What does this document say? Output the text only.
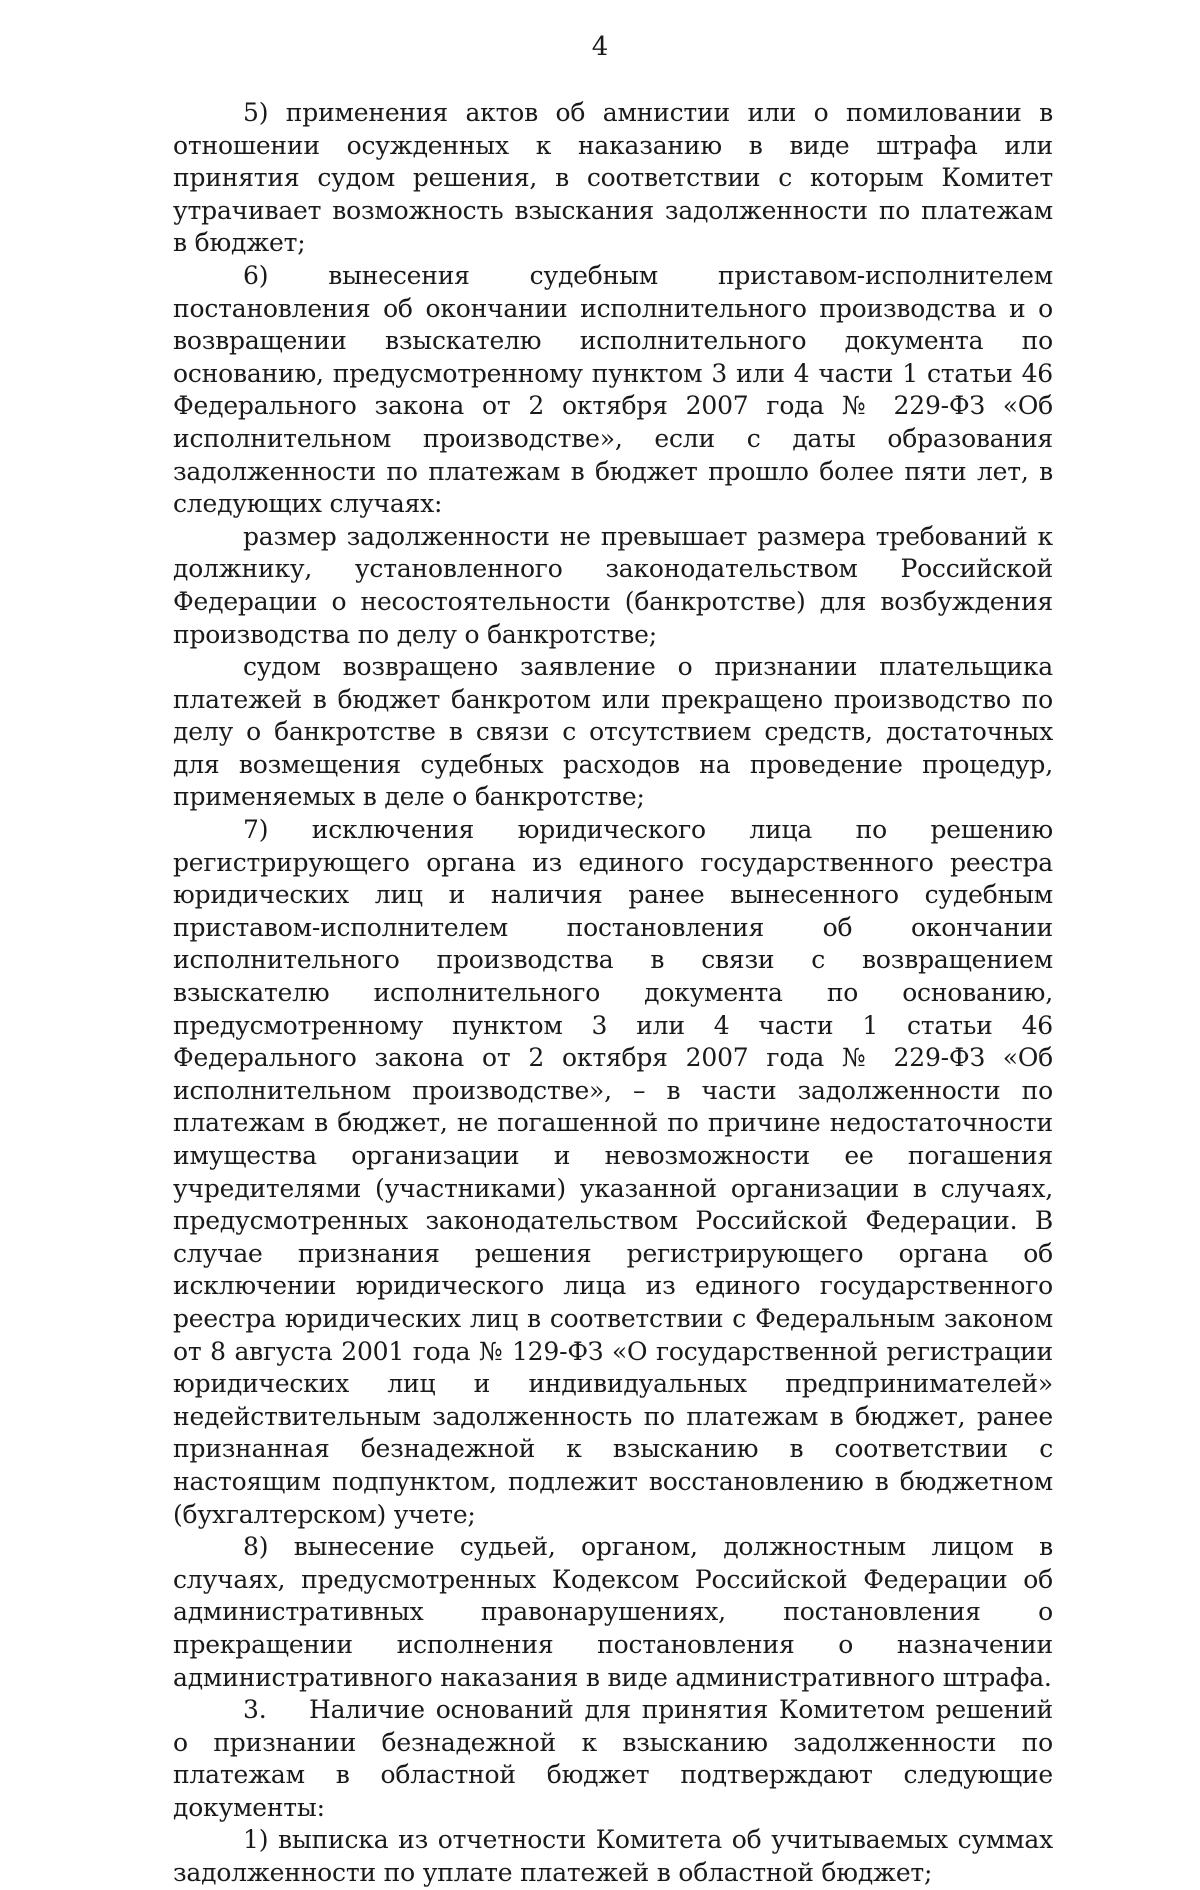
4

5) применения актов об амнистии или о помиловании в отношении осужденных к наказанию в виде штрафа или принятия судом решения, в соответствии с которым Комитет утрачивает возможность взыскания задолженности по платежам в бюджет;

6) вынесения судебным приставом-исполнителем постановления об окончании исполнительного производства и о возвращении взыскателю исполнительного документа по основанию, предусмотренному пунктом 3 или 4 части 1 статьи 46 Федерального закона от 2 октября 2007 года № 229-ФЗ «Об исполнительном производстве», если с даты образования задолженности по платежам в бюджет прошло более пяти лет, в следующих случаях:

размер задолженности не превышает размера требований к должнику, установленного законодательством Российской Федерации о несостоятельности (банкротстве) для возбуждения производства по делу о банкротстве;

судом возвращено заявление о признании плательщика платежей в бюджет банкротом или прекращено производство по делу о банкротстве в связи с отсутствием средств, достаточных для возмещения судебных расходов на проведение процедур, применяемых в деле о банкротстве;

7) исключения юридического лица по решению регистрирующего органа из единого государственного реестра юридических лиц и наличия ранее вынесенного судебным приставом-исполнителем постановления об окончании исполнительного производства в связи с возвращением взыскателю исполнительного документа по основанию, предусмотренному пунктом 3 или 4 части 1 статьи 46 Федерального закона от 2 октября 2007 года № 229-ФЗ «Об исполнительном производстве», – в части задолженности по платежам в бюджет, не погашенной по причине недостаточности имущества организации и невозможности ее погашения учредителями (участниками) указанной организации в случаях, предусмотренных законодательством Российской Федерации. В случае признания решения регистрирующего органа об исключении юридического лица из единого государственного реестра юридических лиц в соответствии с Федеральным законом от 8 августа 2001 года № 129-ФЗ «О государственной регистрации юридических лиц и индивидуальных предпринимателей» недействительным задолженность по платежам в бюджет, ранее признанная безнадежной к взысканию в соответствии с настоящим подпунктом, подлежит восстановлению в бюджетном (бухгалтерском) учете;

8) вынесение судьей, органом, должностным лицом в случаях, предусмотренных Кодексом Российской Федерации об административных правонарушениях, постановления о прекращении исполнения постановления о назначении административного наказания в виде административного штрафа.

3. Наличие оснований для принятия Комитетом решений о признании безнадежной к взысканию задолженности по платежам в областной бюджет подтверждают следующие документы:

1) выписка из отчетности Комитета об учитываемых суммах задолженности по уплате платежей в областной бюджет;
